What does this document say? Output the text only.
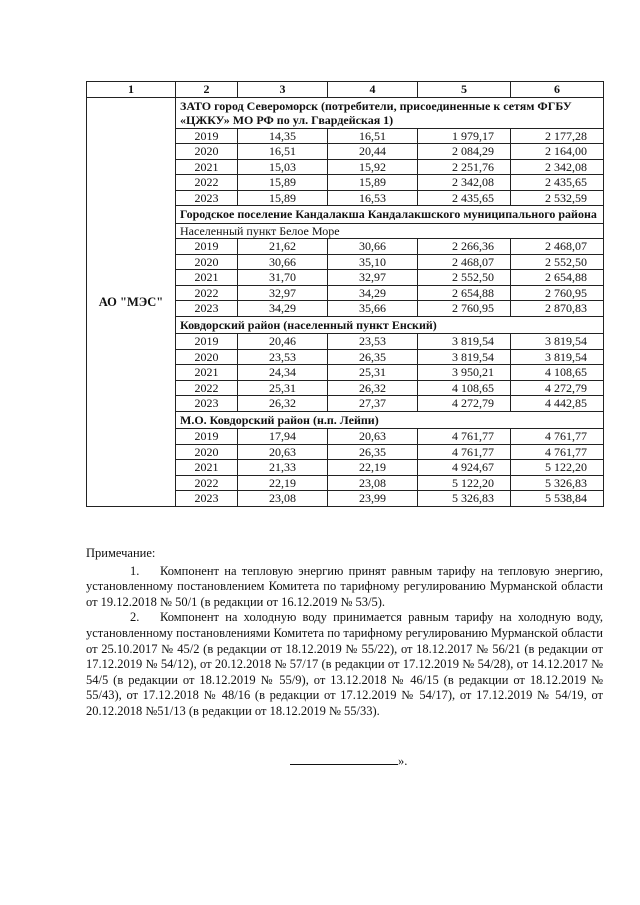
1	2	3	4	5	6
АО "МЭС"	ЗАТО город Североморск (потребители, присоединенные к сетям ФГБУ «ЦЖКУ» МО РФ по ул. Гвардейская 1)				
	2019	14,35	16,51	1 979,17	2 177,28
	2020	16,51	20,44	2 084,29	2 164,00
	2021	15,03	15,92	2 251,76	2 342,08
	2022	15,89	15,89	2 342,08	2 435,65
	2023	15,89	16,53	2 435,65	2 532,59
	Городское поселение Кандалакша Кандалакшского муниципального района				
	Населенный пункт Белое Море				
	2019	21,62	30,66	2 266,36	2 468,07
	2020	30,66	35,10	2 468,07	2 552,50
	2021	31,70	32,97	2 552,50	2 654,88
	2022	32,97	34,29	2 654,88	2 760,95
	2023	34,29	35,66	2 760,95	2 870,83
	Ковдорский район (населенный пункт Енский)				
	2019	20,46	23,53	3 819,54	3 819,54
	2020	23,53	26,35	3 819,54	3 819,54
	2021	24,34	25,31	3 950,21	4 108,65
	2022	25,31	26,32	4 108,65	4 272,79
	2023	26,32	27,37	4 272,79	4 442,85
	М.О. Ковдорский район (н.п. Лейпи)				
	2019	17,94	20,63	4 761,77	4 761,77
	2020	20,63	26,35	4 761,77	4 761,77
	2021	21,33	22,19	4 924,67	5 122,20
	2022	22,19	23,08	5 122,20	5 326,83
	2023	23,08	23,99	5 326,83	5 538,84

Примечание:

1. Компонент на тепловую энергию принят равным тарифу на тепловую энергию, установленному постановлением Комитета по тарифному регулированию Мурманской области от 19.12.2018 № 50/1 (в редакции от 16.12.2019 № 53/5).

2. Компонент на холодную воду принимается равным тарифу на холодную воду, установленному постановлениями Комитета по тарифному регулированию Мурманской области от 25.10.2017 № 45/2 (в редакции от 18.12.2019 № 55/22), от 18.12.2017 № 56/21 (в редакции от 17.12.2019 № 54/12), от 20.12.2018 № 57/17 (в редакции от 17.12.2019 № 54/28), от 14.12.2017 № 54/5 (в редакции от 18.12.2019 № 55/9), от 13.12.2018 № 46/15 (в редакции от 18.12.2019 № 55/43), от 17.12.2018 № 48/16 (в редакции от 17.12.2019 № 54/17), от 17.12.2019 № 54/19, от 20.12.2018 №51/13 (в редакции от 18.12.2019 № 55/33).

».
